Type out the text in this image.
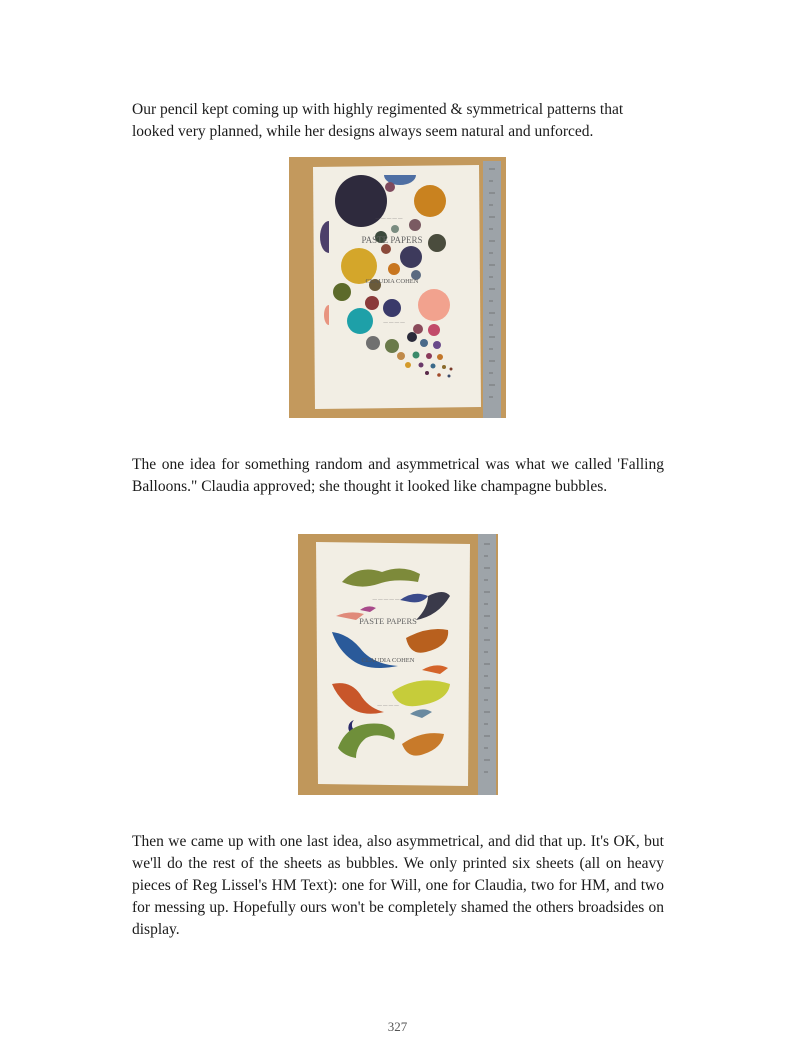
Our pencil kept coming up with highly regimented & symmetrical patterns that looked very planned, while her designs always seem natural and unforced.

— — — — —
PASTE PAPERS
CLAUDIA COHEN
— — — —

The one idea for something random and asymmetrical was what we called 'Falling Balloons." Claudia approved; she thought it looked like champagne bubbles.

— — — — —
PASTE PAPERS
CLAUDIA COHEN
— — — —

Then we came up with one last idea, also asymmetrical, and did that up. It's OK, but we'll do the rest of the sheets as bubbles. We only printed six sheets (all on heavy pieces of Reg Lissel's HM Text): one for Will, one for Claudia, two for HM, and two for messing up. Hopefully ours won't be completely shamed the others broadsides on display.

327
